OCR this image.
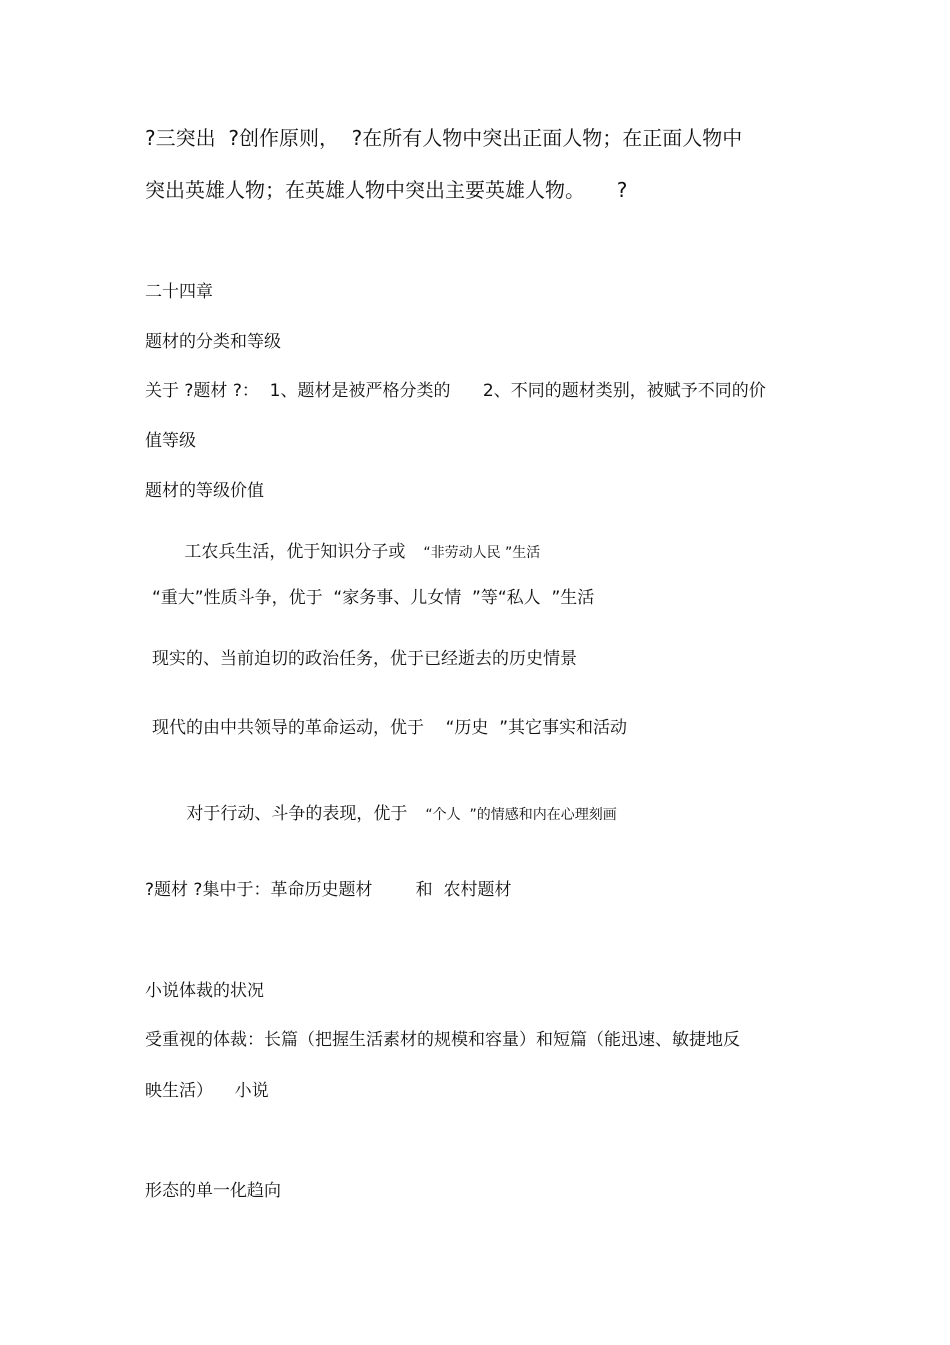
?三突出  ?创作原则，  ?在所有人物中突出正面人物；在正面人物中

突出英雄人物；在英雄人物中突出主要英雄人物。     ?

二十四章

题材的分类和等级

关于 ?题材 ?：  1、题材是被严格分类的      2、不同的题材类别，被赋予不同的价

值等级

题材的等级价值

工农兵生活，优于知识分子或 “非劳动人民 ”生活

“重大”性质斗争，优于  “家务事、儿女情  ”等“私人  ”生活

现实的、当前迫切的政治任务，优于已经逝去的历史情景

现代的由中共领导的革命运动，优于    “历史  ”其它事实和活动

对于行动、斗争的表现，优于 “个人  ”的情感和内在心理刻画

?题材 ?集中于：革命历史题材        和  农村题材

小说体裁的状况

受重视的体裁：长篇（把握生活素材的规模和容量）和短篇（能迅速、敏捷地反

映生活）    小说

形态的单一化趋向
